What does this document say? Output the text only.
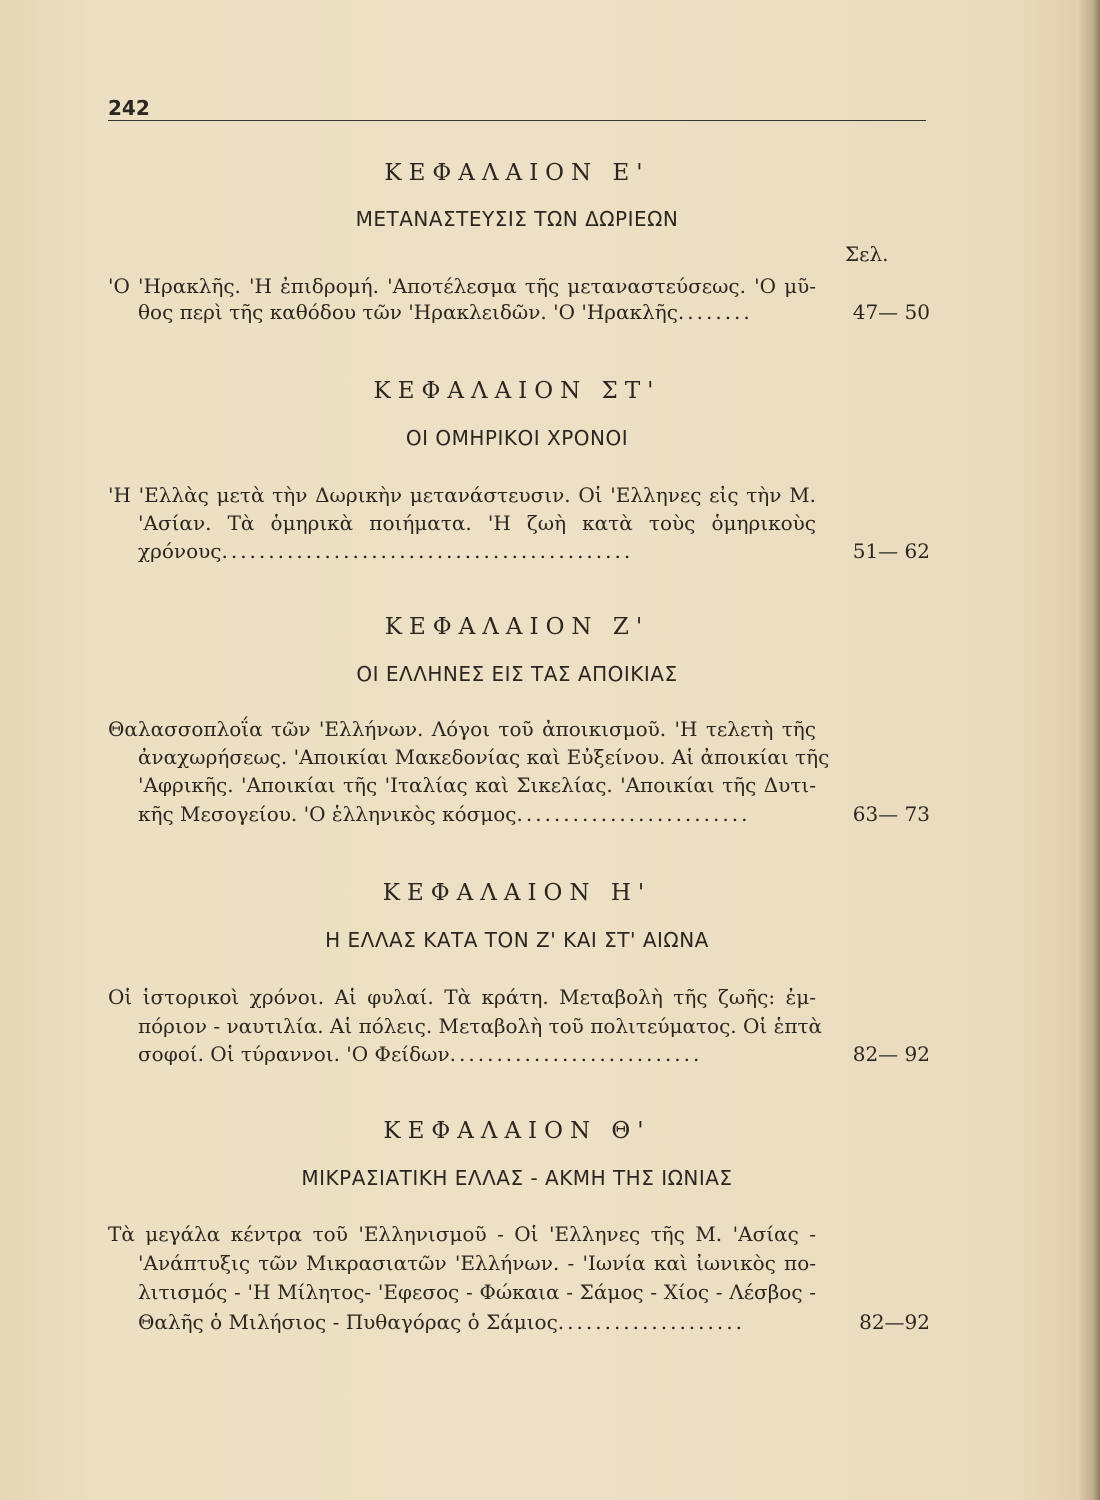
242
ΚΕΦΑΛΑΙΟΝ Ε'
ΜΕΤΑΝΑΣΤΕΥΣΙΣ ΤΩΝ ΔΩΡΙΕΩΝ
Σελ.
'Ο 'Ηρακλῆς. 'Η ἐπιδρομή. 'Αποτέλεσμα τῆς μεταναστεύσεως. 'Ο μῦ-
θος περὶ τῆς καθόδου τῶν 'Ηρακλειδῶν. 'Ο 'Ηρακλῆς........	47— 50
ΚΕΦΑΛΑΙΟΝ ΣΤ'
ΟΙ ΟΜΗΡΙΚΟΙ ΧΡΟΝΟΙ
'Η 'Ελλὰς μετὰ τὴν Δωρικὴν μετανάστευσιν. Οἱ 'Ελληνες εἰς τὴν Μ.
'Ασίαν. Τὰ ὁμηρικὰ ποιήματα. 'Η ζωὴ κατὰ τοὺς ὁμηρικοὺς
χρόνους............................................	51— 62
ΚΕΦΑΛΑΙΟΝ Ζ'
ΟΙ ΕΛΛΗΝΕΣ ΕΙΣ ΤΑΣ ΑΠΟΙΚΙΑΣ
Θαλασσοπλοΐα τῶν 'Ελλήνων. Λόγοι τοῦ ἀποικισμοῦ. 'Η τελετὴ τῆς
ἀναχωρήσεως. 'Αποικίαι Μακεδονίας καὶ Εὐξείνου. Αἱ ἀποικίαι τῆς
'Αφρικῆς. 'Αποικίαι τῆς 'Ιταλίας καὶ Σικελίας. 'Αποικίαι τῆς Δυτι-
κῆς Μεσογείου. 'Ο ἑλληνικὸς κόσμος.........................	63— 73
ΚΕΦΑΛΑΙΟΝ Η'
Η ΕΛΛΑΣ ΚΑΤΑ ΤΟΝ Ζ' ΚΑΙ ΣΤ' ΑΙΩΝΑ
Οἱ ἱστορικοὶ χρόνοι. Αἱ φυλαί. Τὰ κράτη. Μεταβολὴ τῆς ζωῆς: ἐμ-
πόριον - ναυτιλία. Αἱ πόλεις. Μεταβολὴ τοῦ πολιτεύματος. Οἱ ἑπτὰ
σοφοί. Οἱ τύραννοι. 'Ο Φείδων...........................	82— 92
ΚΕΦΑΛΑΙΟΝ Θ'
ΜΙΚΡΑΣΙΑΤΙΚΗ ΕΛΛΑΣ - ΑΚΜΗ ΤΗΣ ΙΩΝΙΑΣ
Τὰ μεγάλα κέντρα τοῦ 'Ελληνισμοῦ - Οἱ 'Ελληνες τῆς Μ. 'Ασίας -
'Ανάπτυξις τῶν Μικρασιατῶν 'Ελλήνων. - 'Ιωνία καὶ ἰωνικὸς πο-
λιτισμός - 'Η Μίλητος- 'Εφεσος - Φώκαια - Σάμος - Χίος - Λέσβος -
Θαλῆς ὁ Μιλήσιος - Πυθαγόρας ὁ Σάμιος....................	82—92
